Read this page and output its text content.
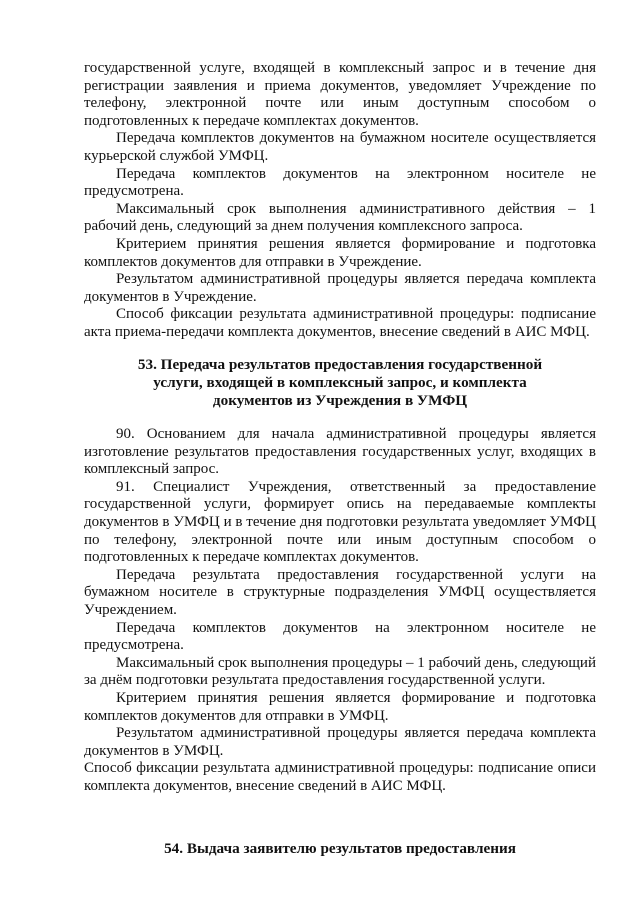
государственной услуге, входящей в комплексный запрос и в течение дня регистрации заявления и приема документов, уведомляет Учреждение по телефону, электронной почте или иным доступным способом о подготовленных к передаче комплектах документов.

Передача комплектов документов на бумажном носителе осуществляется курьерской службой УМФЦ.

Передача комплектов документов на электронном носителе не предусмотрена.

Максимальный срок выполнения административного действия – 1 рабочий день, следующий за днем получения комплексного запроса.

Критерием принятия решения является формирование и подготовка комплектов документов для отправки в Учреждение.

Результатом административной процедуры является передача комплекта документов в Учреждение.

Способ фиксации результата административной процедуры: подписание акта приема-передачи комплекта документов, внесение сведений в АИС МФЦ.

53. Передача результатов предоставления государственной
услуги, входящей в комплексный запрос, и комплекта
документов из Учреждения в УМФЦ

90. Основанием для начала административной процедуры является изготовление результатов предоставления государственных услуг, входящих в комплексный запрос.

91. Специалист Учреждения, ответственный за предоставление государственной услуги, формирует опись на передаваемые комплекты документов в УМФЦ и в течение дня подготовки результата уведомляет УМФЦ по телефону, электронной почте или иным доступным способом о подготовленных к передаче комплектах документов.

Передача результата предоставления государственной услуги на бумажном носителе в структурные подразделения УМФЦ осуществляется Учреждением.

Передача комплектов документов на электронном носителе не предусмотрена.

Максимальный срок выполнения процедуры – 1 рабочий день, следующий за днём подготовки результата предоставления государственной услуги.

Критерием принятия решения является формирование и подготовка комплектов документов для отправки в УМФЦ.

Результатом административной процедуры является передача комплекта документов в УМФЦ.

Способ фиксации результата административной процедуры: подписание описи комплекта документов, внесение сведений в АИС МФЦ.

54. Выдача заявителю результатов предоставления
